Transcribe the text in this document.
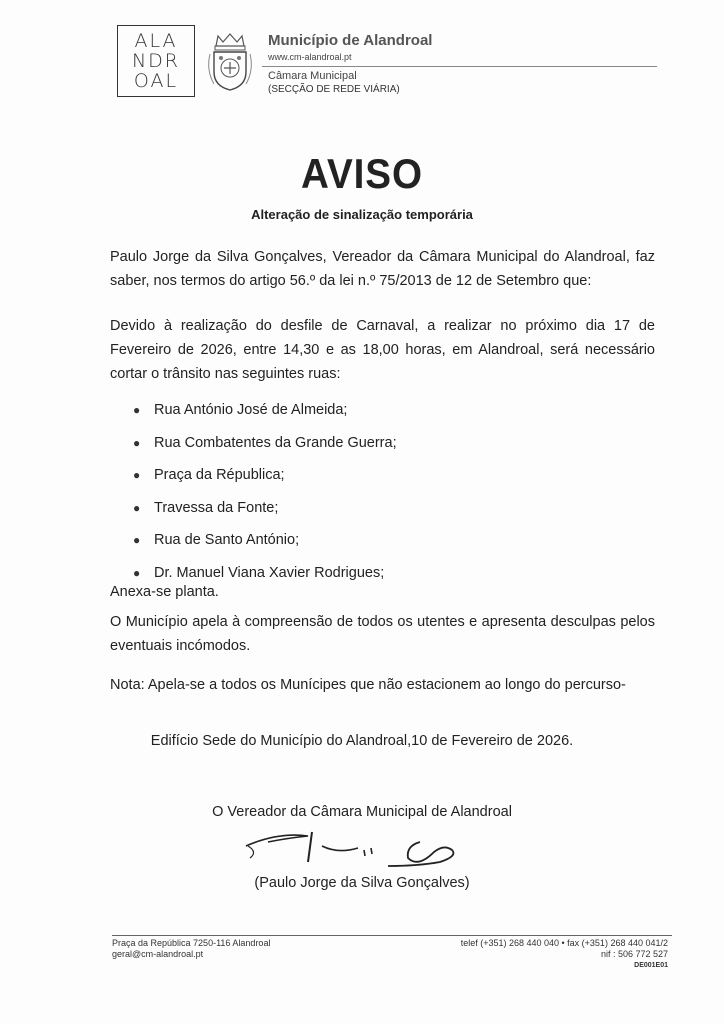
ALA
NDR
OAL
Município de Alandroal
www.cm-alandroal.pt
Câmara Municipal
(SECÇÃO DE REDE VIÁRIA)
AVISO
Alteração de sinalização temporária
Paulo Jorge da Silva Gonçalves, Vereador da Câmara Municipal do Alandroal, faz saber, nos termos do artigo 56.º da lei n.º 75/2013 de 12 de Setembro que:
Devido à realização do desfile de Carnaval, a realizar no próximo dia 17 de Fevereiro de 2026, entre 14,30 e as 18,00 horas, em Alandroal, será necessário cortar o trânsito nas seguintes ruas:
● Rua António José de Almeida;
● Rua Combatentes da Grande Guerra;
● Praça da Républica;
● Travessa da Fonte;
● Rua de Santo António;
● Dr. Manuel Viana Xavier Rodrigues;
Anexa-se planta.
O Município apela à compreensão de todos os utentes e apresenta desculpas pelos eventuais incómodos.
Nota: Apela-se a todos os Munícipes que não estacionem ao longo do percurso-
Edifício Sede do Município do Alandroal,10 de Fevereiro de 2026.
O Vereador da Câmara Municipal de Alandroal
(Paulo Jorge da Silva Gonçalves)
Praça da República 7250-116 Alandroal
geral@cm-alandroal.pt
telef (+351) 268 440 040 • fax (+351) 268 440 041/2
nif : 506 772 527
DE001E01
